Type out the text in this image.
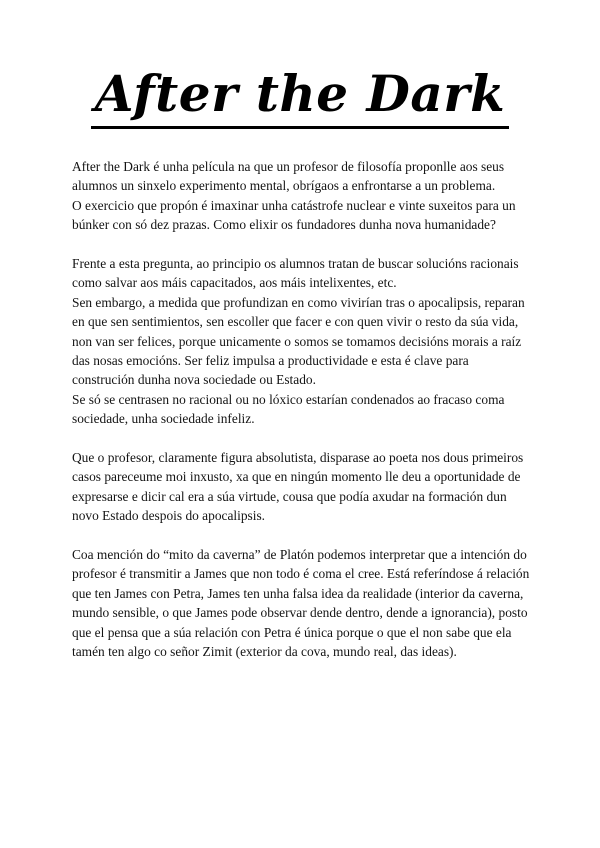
After the Dark

After the Dark é unha película na que un profesor de filosofía proponlle aos seus alumnos un sinxelo experimento mental, obrígaos a enfrontarse a un problema.

O exercicio que propón é imaxinar unha catástrofe nuclear e vinte suxeitos para un búnker con só dez prazas. Como elixir os fundadores dunha nova humanidade?

Frente a esta pregunta, ao principio os alumnos tratan de buscar solucións racionais como salvar aos máis capacitados, aos máis intelixentes, etc.

Sen embargo, a medida que profundizan en como vivirían tras o apocalipsis, reparan en que sen sentimientos, sen escoller que facer e con quen vivir o resto da súa vida, non van ser felices, porque unicamente o somos se tomamos decisións morais a raíz das nosas emocións. Ser feliz impulsa a productividade e esta é clave para construción dunha nova sociedade ou Estado.

Se só se centrasen no racional ou no lóxico estarían condenados ao fracaso coma sociedade, unha sociedade infeliz.

Que o profesor, claramente figura absolutista, disparase ao poeta nos dous primeiros casos pareceume moi inxusto, xa que en ningún momento lle deu a oportunidade de expresarse e dicir cal era a súa virtude, cousa que podía axudar na formación dun novo Estado despois do apocalipsis.

Coa mención do “mito da caverna” de Platón podemos interpretar que a intención do profesor é transmitir a James que non todo é coma el cree. Está referíndose á relación que ten James con Petra, James ten unha falsa idea da realidade (interior da caverna, mundo sensible, o que James pode observar dende dentro, dende a ignorancia), posto que el pensa que a súa relación con Petra é única porque o que el non sabe que ela tamén ten algo co señor Zimit (exterior da cova, mundo real, das ideas).
